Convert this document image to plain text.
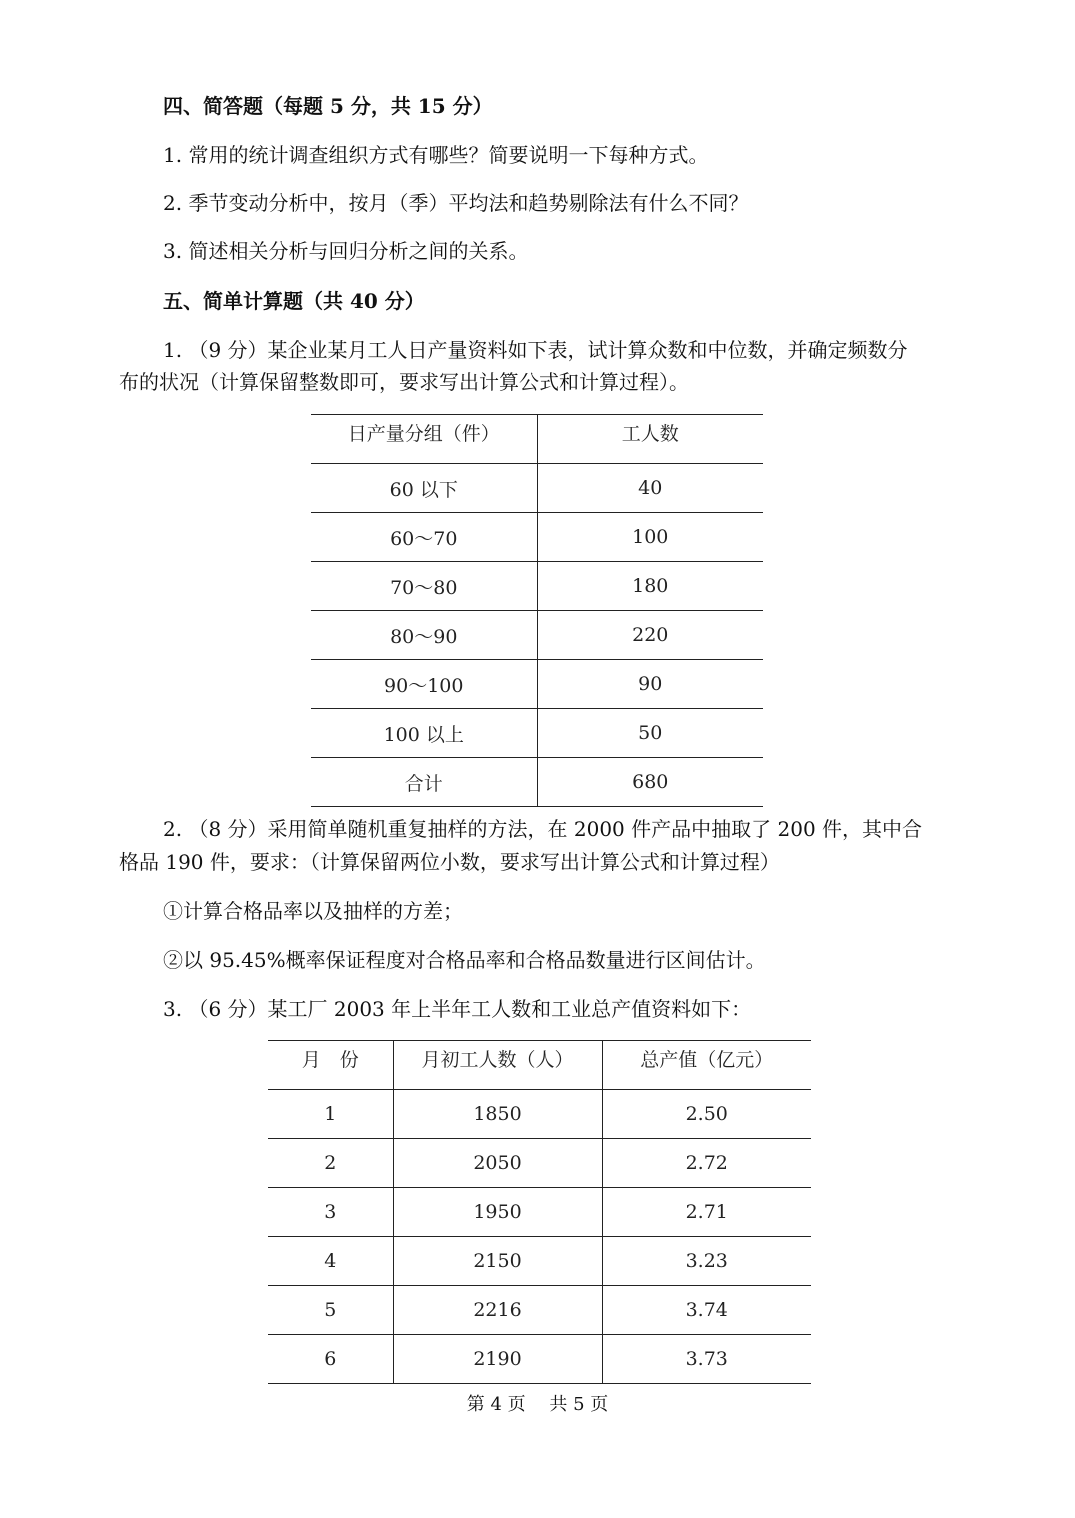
四、简答题（每题 5 分，共 15 分）
1. 常用的统计调查组织方式有哪些？简要说明一下每种方式。
2. 季节变动分析中，按月（季）平均法和趋势剔除法有什么不同？
3. 简述相关分析与回归分析之间的关系。
五、简单计算题（共 40 分）
1. （9 分）某企业某月工人日产量资料如下表，试计算众数和中位数，并确定频数分
布的状况（计算保留整数即可，要求写出计算公式和计算过程）。
日产量分组（件）	工人数
60 以下	40
60～70	100
70～80	180
80～90	220
90～100	90
100 以上	50
合计	680
2. （8 分）采用简单随机重复抽样的方法，在 2000 件产品中抽取了 200 件，其中合
格品 190 件，要求：（计算保留两位小数，要求写出计算公式和计算过程）
①计算合格品率以及抽样的方差；
②以 95.45%概率保证程度对合格品率和合格品数量进行区间估计。
3. （6 分）某工厂 2003 年上半年工人数和工业总产值资料如下：
月　份	月初工人数（人）	总产值（亿元）
1	1850	2.50
2	2050	2.72
3	1950	2.71
4	2150	3.23
5	2216	3.74
6	2190	3.73
第 4 页　 共 5 页
